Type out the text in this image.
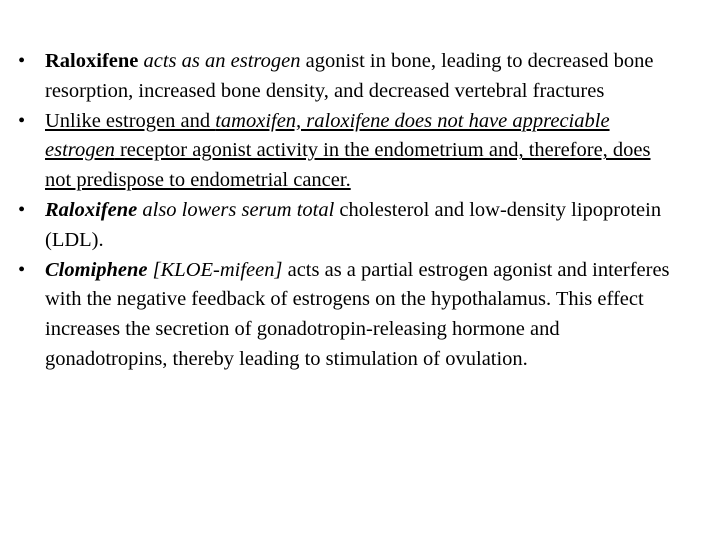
• Raloxifene acts as an estrogen agonist in bone, leading to decreased bone resorption, increased bone density, and decreased vertebral fractures
• Unlike estrogen and tamoxifen, raloxifene does not have appreciable estrogen receptor agonist activity in the endometrium and, therefore, does not predispose to endometrial cancer.
• Raloxifene also lowers serum total cholesterol and low-density lipoprotein (LDL).
• Clomiphene [KLOE-mifeen] acts as a partial estrogen agonist and interferes with the negative feedback of estrogens on the hypothalamus. This effect increases the secretion of gonadotropin-releasing hormone and gonadotropins, thereby leading to stimulation of ovulation.
